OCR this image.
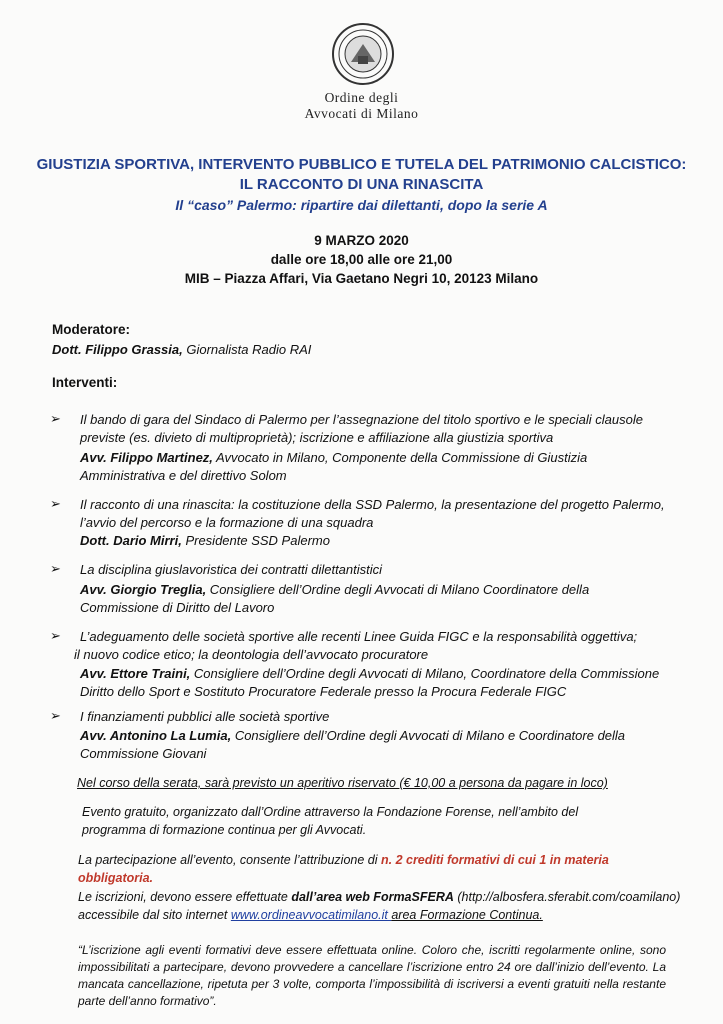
Ordine degli
Avvocati di Milano
GIUSTIZIA SPORTIVA, INTERVENTO PUBBLICO E TUTELA DEL PATRIMONIO CALCISTICO:
IL RACCONTO DI UNA RINASCITA
Il “caso” Palermo: ripartire dai dilettanti, dopo la serie A
9 MARZO 2020
dalle ore 18,00 alle ore 21,00
MIB – Piazza Affari, Via Gaetano Negri 10, 20123 Milano
Moderatore:
Dott. Filippo Grassia, Giornalista Radio RAI
Interventi:
➢ Il bando di gara del Sindaco di Palermo per l’assegnazione del titolo sportivo e le speciali clausole
previste (es. divieto di multiproprietà); iscrizione e affiliazione alla giustizia sportiva
Avv. Filippo Martinez, Avvocato in Milano, Componente della Commissione di Giustizia
Amministrativa e del direttivo Solom
➢ Il racconto di una rinascita: la costituzione della SSD Palermo, la presentazione del progetto Palermo,
l’avvio del percorso e la formazione di una squadra
Dott. Dario Mirri, Presidente SSD Palermo
➢ La disciplina giuslavoristica dei contratti dilettantistici
Avv. Giorgio Treglia, Consigliere dell’Ordine degli Avvocati di Milano Coordinatore della
Commissione di Diritto del Lavoro
➢ L’adeguamento delle società sportive alle recenti Linee Guida FIGC e la responsabilità oggettiva;
il nuovo codice etico; la deontologia dell’avvocato procuratore
Avv. Ettore Traini, Consigliere dell’Ordine degli Avvocati di Milano, Coordinatore della Commissione
Diritto dello Sport e Sostituto Procuratore Federale presso la Procura Federale FIGC
➢ I finanziamenti pubblici alle società sportive
Avv. Antonino La Lumia, Consigliere dell’Ordine degli Avvocati di Milano e Coordinatore della
Commissione Giovani
Nel corso della serata, sarà previsto un aperitivo riservato (€ 10,00 a persona da pagare in loco)
Evento gratuito, organizzato dall’Ordine attraverso la Fondazione Forense, nell’ambito del
programma di formazione continua per gli Avvocati.
La partecipazione all’evento, consente l’attribuzione di n. 2 crediti formativi di cui 1 in materia
obbligatoria.
Le iscrizioni, devono essere effettuate dall’area web FormaSFERA (http://albosfera.sferabit.com/coamilano)
accessibile dal sito internet www.ordineavvocatimilano.it area Formazione Continua.
“L’iscrizione agli eventi formativi deve essere effettuata online. Coloro che, iscritti regolarmente online, sono impossibilitati a partecipare, devono provvedere a cancellare l’iscrizione entro 24 ore dall’inizio dell’evento. La mancata cancellazione, ripetuta per 3 volte, comporta l’impossibilità di iscriversi a eventi gratuiti nella restante parte dell’anno formativo”.
